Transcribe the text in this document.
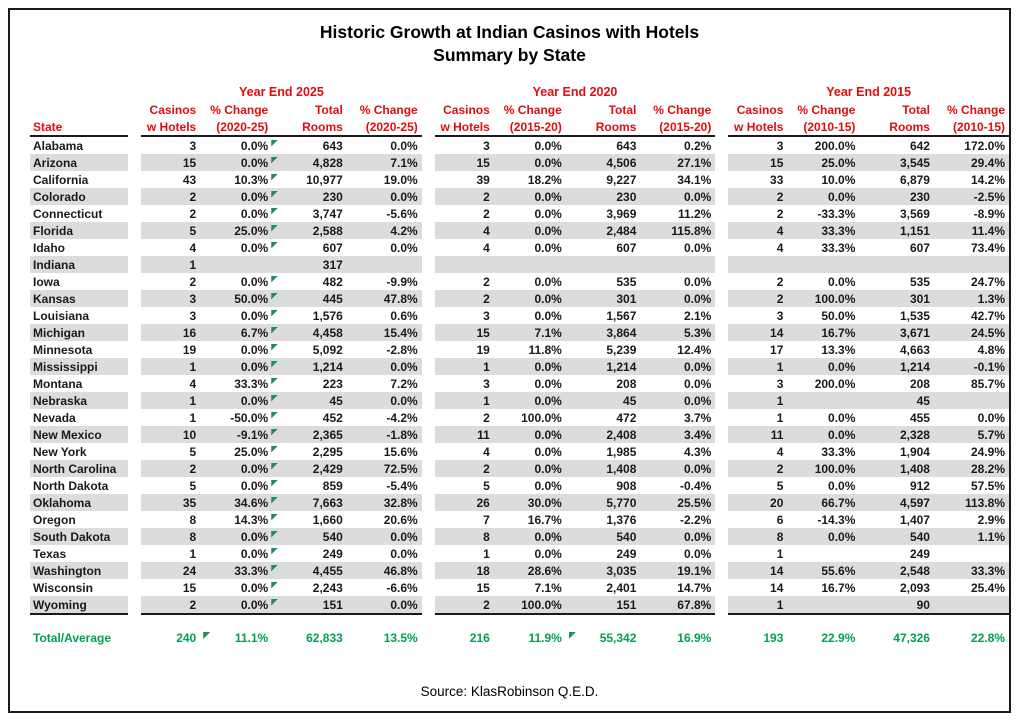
Historic Growth at Indian Casinos with Hotels
Summary by State
		Year End 2025					Year End 2020					Year End 2015			
		Casinos	% Change	Total	% Change		Casinos	% Change	Total	% Change		Casinos	% Change	Total	% Change
State		w Hotels	(2020-25)	Rooms	(2020-25)		w Hotels	(2015-20)	Rooms	(2015-20)		w Hotels	(2010-15)	Rooms	(2010-15)
Alabama		3	0.0%	643	0.0%		3	0.0%	643	0.2%		3	200.0%	642	172.0%
Arizona		15	0.0%	4,828	7.1%		15	0.0%	4,506	27.1%		15	25.0%	3,545	29.4%
California		43	10.3%	10,977	19.0%		39	18.2%	9,227	34.1%		33	10.0%	6,879	14.2%
Colorado		2	0.0%	230	0.0%		2	0.0%	230	0.0%		2	0.0%	230	-2.5%
Connecticut		2	0.0%	3,747	-5.6%		2	0.0%	3,969	11.2%		2	-33.3%	3,569	-8.9%
Florida		5	25.0%	2,588	4.2%		4	0.0%	2,484	115.8%		4	33.3%	1,151	11.4%
Idaho		4	0.0%	607	0.0%		4	0.0%	607	0.0%		4	33.3%	607	73.4%
Indiana		1		317											
Iowa		2	0.0%	482	-9.9%		2	0.0%	535	0.0%		2	0.0%	535	24.7%
Kansas		3	50.0%	445	47.8%		2	0.0%	301	0.0%		2	100.0%	301	1.3%
Louisiana		3	0.0%	1,576	0.6%		3	0.0%	1,567	2.1%		3	50.0%	1,535	42.7%
Michigan		16	6.7%	4,458	15.4%		15	7.1%	3,864	5.3%		14	16.7%	3,671	24.5%
Minnesota		19	0.0%	5,092	-2.8%		19	11.8%	5,239	12.4%		17	13.3%	4,663	4.8%
Mississippi		1	0.0%	1,214	0.0%		1	0.0%	1,214	0.0%		1	0.0%	1,214	-0.1%
Montana		4	33.3%	223	7.2%		3	0.0%	208	0.0%		3	200.0%	208	85.7%
Nebraska		1	0.0%	45	0.0%		1	0.0%	45	0.0%		1		45	
Nevada		1	-50.0%	452	-4.2%		2	100.0%	472	3.7%		1	0.0%	455	0.0%
New Mexico		10	-9.1%	2,365	-1.8%		11	0.0%	2,408	3.4%		11	0.0%	2,328	5.7%
New York		5	25.0%	2,295	15.6%		4	0.0%	1,985	4.3%		4	33.3%	1,904	24.9%
North Carolina		2	0.0%	2,429	72.5%		2	0.0%	1,408	0.0%		2	100.0%	1,408	28.2%
North Dakota		5	0.0%	859	-5.4%		5	0.0%	908	-0.4%		5	0.0%	912	57.5%
Oklahoma		35	34.6%	7,663	32.8%		26	30.0%	5,770	25.5%		20	66.7%	4,597	113.8%
Oregon		8	14.3%	1,660	20.6%		7	16.7%	1,376	-2.2%		6	-14.3%	1,407	2.9%
South Dakota		8	0.0%	540	0.0%		8	0.0%	540	0.0%		8	0.0%	540	1.1%
Texas		1	0.0%	249	0.0%		1	0.0%	249	0.0%		1		249	
Washington		24	33.3%	4,455	46.8%		18	28.6%	3,035	19.1%		14	55.6%	2,548	33.3%
Wisconsin		15	0.0%	2,243	-6.6%		15	7.1%	2,401	14.7%		14	16.7%	2,093	25.4%
Wyoming		2	0.0%	151	0.0%		2	100.0%	151	67.8%		1		90	

Total/Average		240	11.1%	62,833	13.5%		216	11.9%	55,342	16.9%		193	22.9%	47,326	22.8%
Source: KlasRobinson Q.E.D.
